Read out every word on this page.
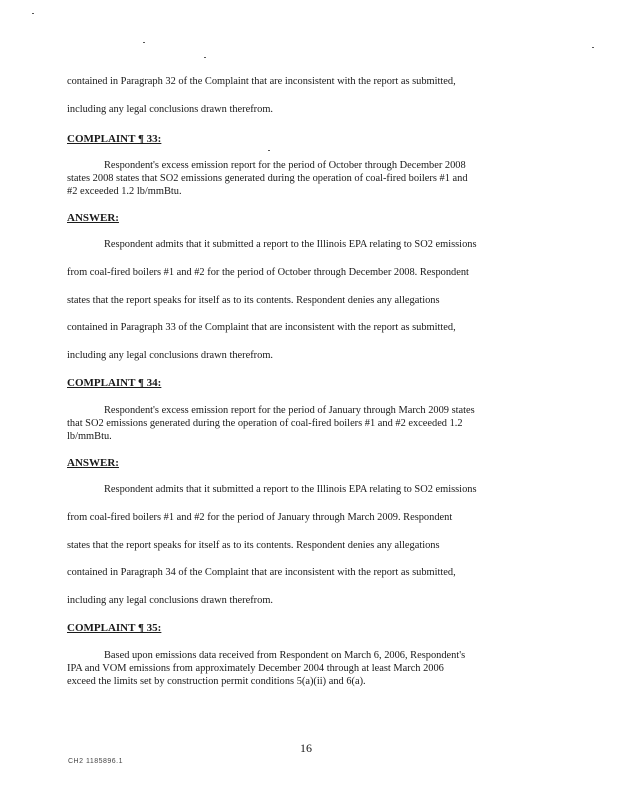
contained in Paragraph 32 of the Complaint that are inconsistent with the report as submitted,
including any legal conclusions drawn therefrom.
COMPLAINT ¶ 33:
Respondent's excess emission report for the period of October through December 2008
states 2008 states that SO2 emissions generated during the operation of coal-fired boilers #1 and
#2 exceeded 1.2 lb/mmBtu.
ANSWER:
Respondent admits that it submitted a report to the Illinois EPA relating to SO2 emissions
from coal-fired boilers #1 and #2 for the period of October through December 2008. Respondent
states that the report speaks for itself as to its contents. Respondent denies any allegations
contained in Paragraph 33 of the Complaint that are inconsistent with the report as submitted,
including any legal conclusions drawn therefrom.
COMPLAINT ¶ 34:
Respondent's excess emission report for the period of January through March 2009 states
that SO2 emissions generated during the operation of coal-fired boilers #1 and #2 exceeded 1.2
lb/mmBtu.
ANSWER:
Respondent admits that it submitted a report to the Illinois EPA relating to SO2 emissions
from coal-fired boilers #1 and #2 for the period of January through March 2009. Respondent
states that the report speaks for itself as to its contents. Respondent denies any allegations
contained in Paragraph 34 of the Complaint that are inconsistent with the report as submitted,
including any legal conclusions drawn therefrom.
COMPLAINT ¶ 35:
Based upon emissions data received from Respondent on March 6, 2006, Respondent's
IPA and VOM emissions from approximately December 2004 through at least March 2006
exceed the limits set by construction permit conditions 5(a)(ii) and 6(a).
16
CH2 1185896.1
